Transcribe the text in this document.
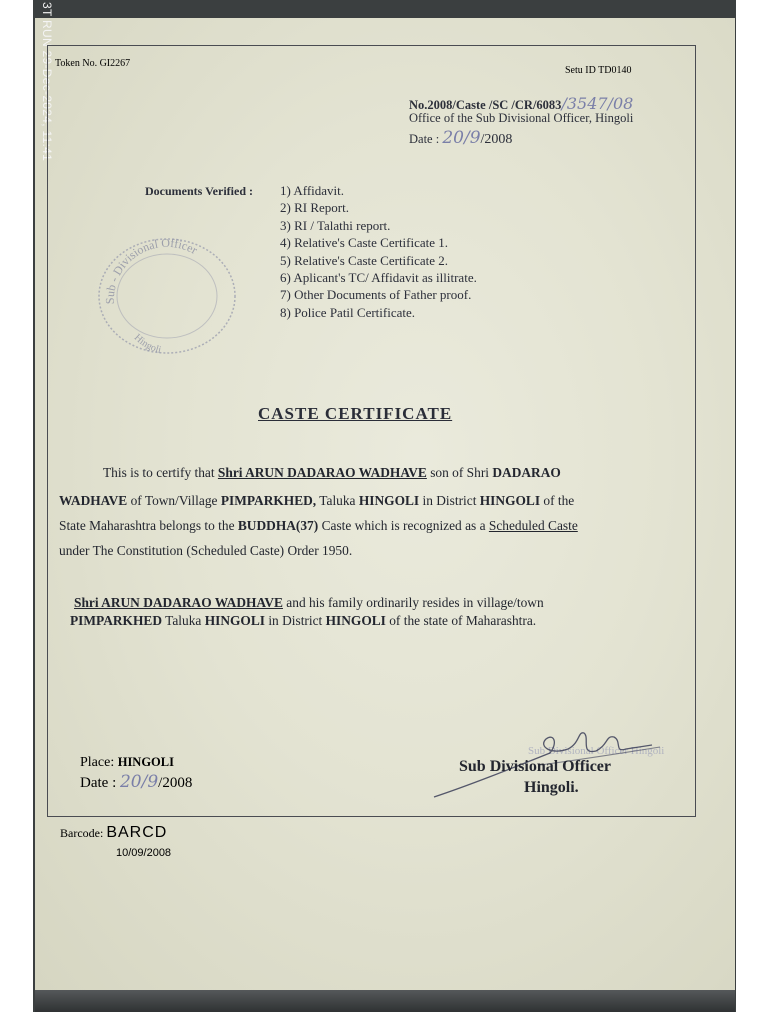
3T RUN 29-Dec-2024, 11:41 Token No. GI2267
Setu ID TD0140
No.2008/Caste /SC /CR/6083/3547/08
Office of the Sub Divisional Officer, Hingoli
Date : 20/9/2008
Sub - Divisional Officer
Hingoli
Documents Verified : 1) Affidavit.
2) RI Report.
3) RI / Talathi report.
4) Relative's Caste Certificate 1.
5) Relative's Caste Certificate 2.
6) Aplicant's TC/ Affidavit as illitrate.
7) Other Documents of Father proof.
8) Police Patil Certificate.
CASTE CERTIFICATE
This is to certify that Shri ARUN DADARAO WADHAVE son of Shri DADARAO
WADHAVE of Town/Village PIMPARKHED, Taluka HINGOLI in District HINGOLI of the
State Maharashtra belongs to the BUDDHA(37) Caste which is recognized as a Scheduled Caste
under The Constitution (Scheduled Caste) Order 1950.
Shri ARUN DADARAO WADHAVE and his family ordinarily resides in village/town
PIMPARKHED Taluka HINGOLI in District HINGOLI of the state of Maharashtra.
Place: HINGOLI
Date : 20/9/2008
Sub Divisional Officer Hingoli
Sub Divisional Officer
Hingoli.
Barcode: BARCD
10/09/2008
